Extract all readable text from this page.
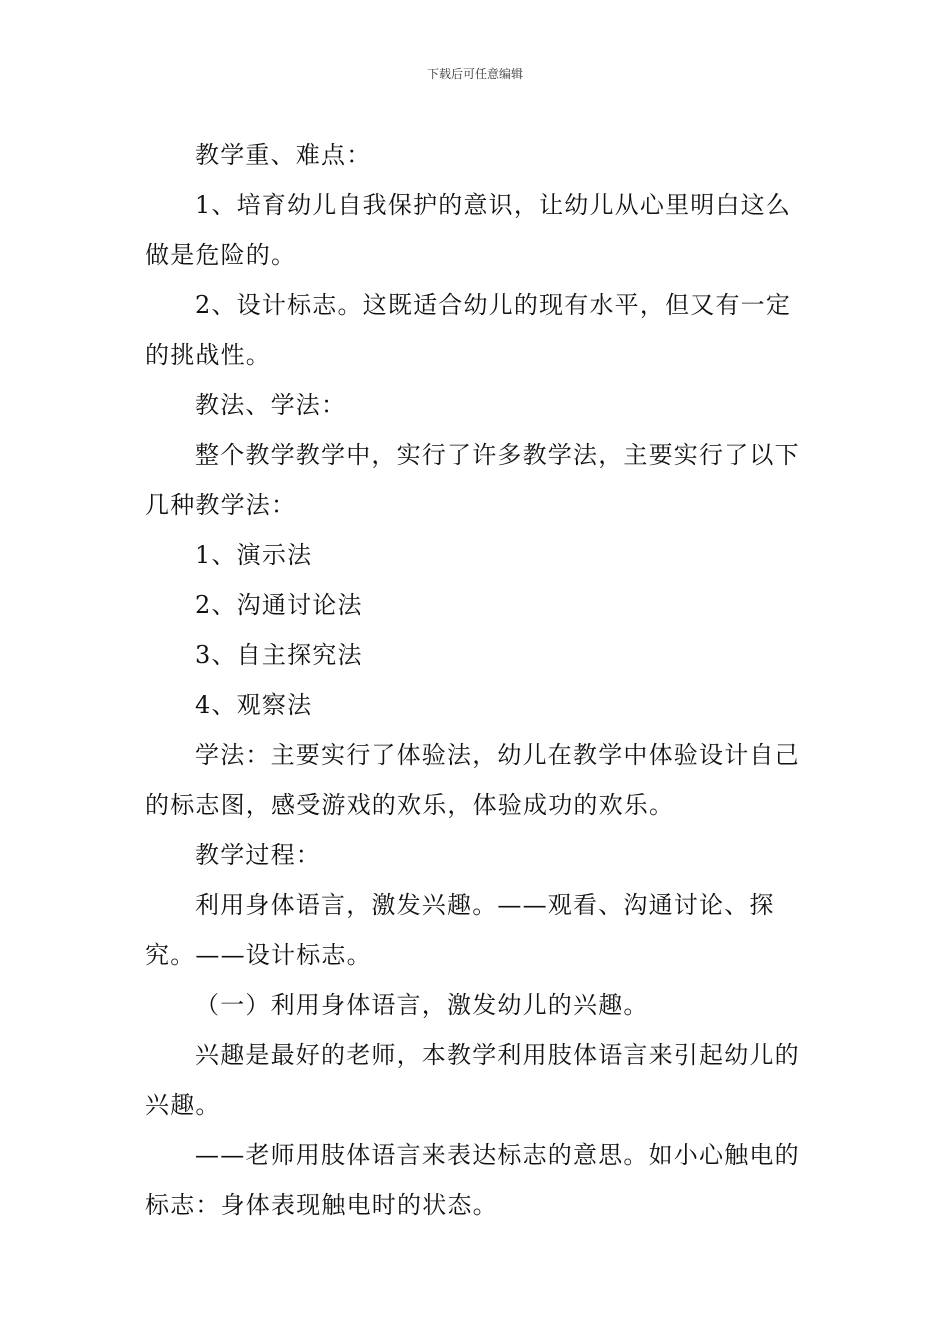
下载后可任意编辑

教学重、难点：

1、培育幼儿自我保护的意识，让幼儿从心里明白这么做是危险的。

2、设计标志。这既适合幼儿的现有水平，但又有一定的挑战性。

教法、学法：

整个教学教学中，实行了许多教学法，主要实行了以下几种教学法：

1、演示法

2、沟通讨论法

3、自主探究法

4、观察法

学法：主要实行了体验法，幼儿在教学中体验设计自己的标志图，感受游戏的欢乐，体验成功的欢乐。

教学过程：

利用身体语言，激发兴趣。——观看、沟通讨论、探究。——设计标志。

（一）利用身体语言，激发幼儿的兴趣。

兴趣是最好的老师，本教学利用肢体语言来引起幼儿的兴趣。

——老师用肢体语言来表达标志的意思。如小心触电的标志：身体表现触电时的状态。
